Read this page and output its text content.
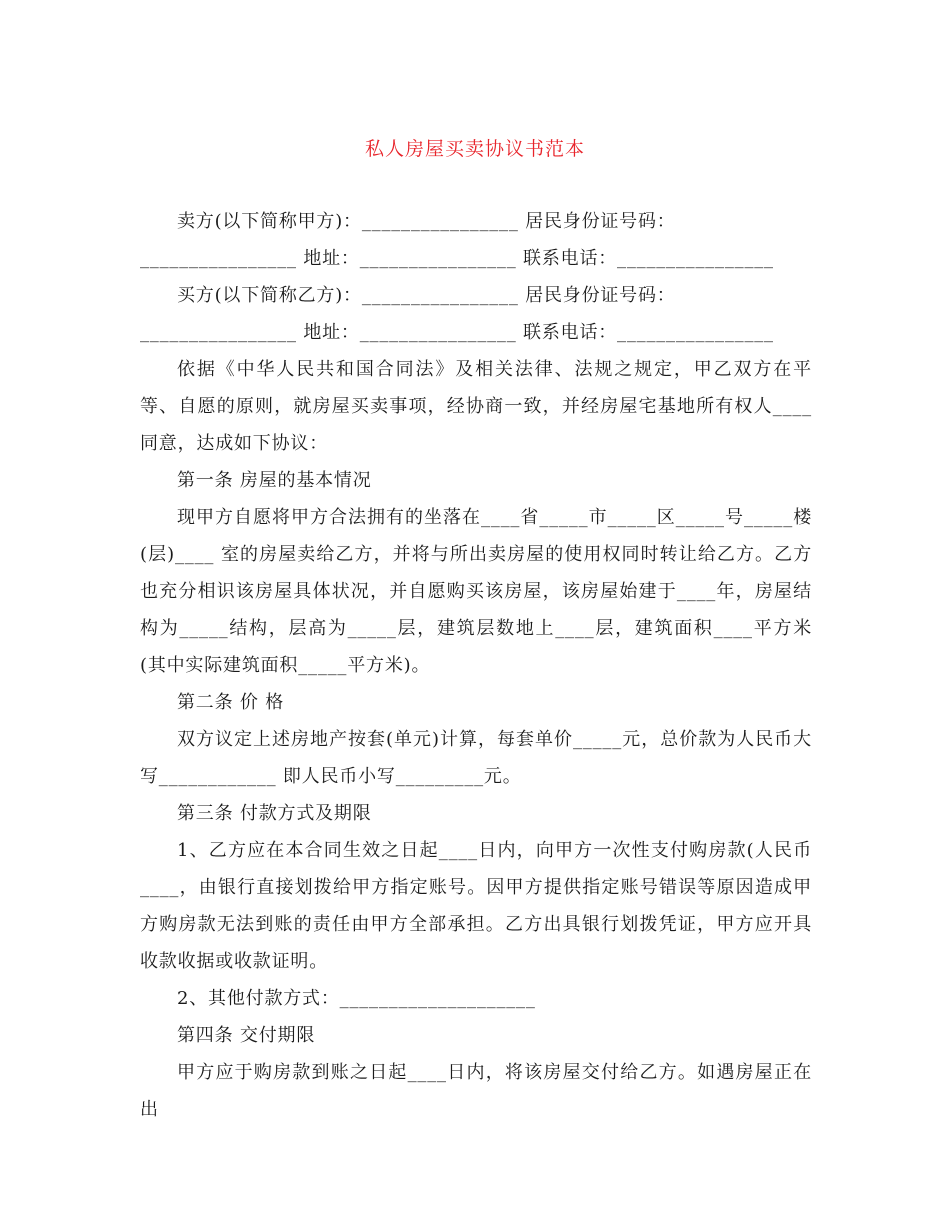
私人房屋买卖协议书范本
卖方(以下简称甲方)：________________ 居民身份证号码：
________________ 地址：________________ 联系电话：________________
买方(以下简称乙方)：________________ 居民身份证号码：
________________ 地址：________________ 联系电话：________________
依据《中华人民共和国合同法》及相关法律、法规之规定，甲乙双方在平等、自愿的原则，就房屋买卖事项，经协商一致，并经房屋宅基地所有权人____同意，达成如下协议：
第一条 房屋的基本情况
现甲方自愿将甲方合法拥有的坐落在____省_____市_____区_____号_____楼(层)____ 室的房屋卖给乙方，并将与所出卖房屋的使用权同时转让给乙方。乙方也充分相识该房屋具体状况，并自愿购买该房屋，该房屋始建于____年，房屋结构为_____结构，层高为_____层，建筑层数地上____层，建筑面积____平方米(其中实际建筑面积_____平方米)。
第二条 价 格
双方议定上述房地产按套(单元)计算，每套单价_____元，总价款为人民币大写____________ 即人民币小写_________元。
第三条 付款方式及期限
1、乙方应在本合同生效之日起____日内，向甲方一次性支付购房款(人民币____，由银行直接划拨给甲方指定账号。因甲方提供指定账号错误等原因造成甲方购房款无法到账的责任由甲方全部承担。乙方出具银行划拨凭证，甲方应开具收款收据或收款证明。
2、其他付款方式：____________________
第四条 交付期限
甲方应于购房款到账之日起____日内，将该房屋交付给乙方。如遇房屋正在出
